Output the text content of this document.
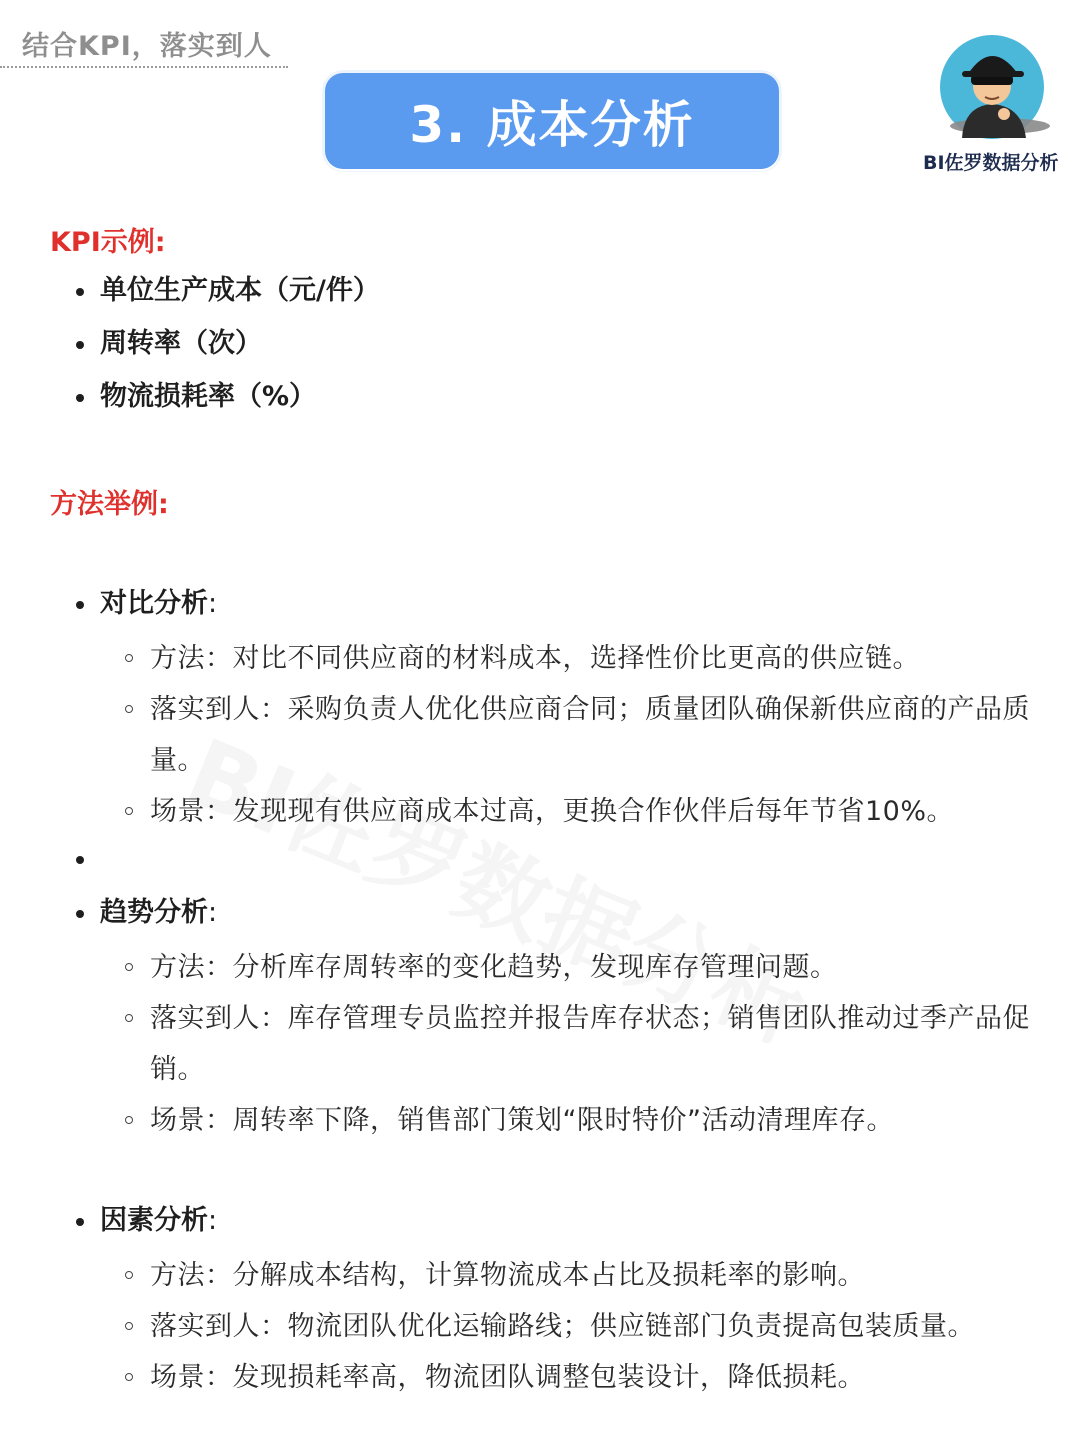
结合KPI，落实到人
3. 成本分析
BI佐罗数据分析
KPI示例:
单位生产成本（元/件）
周转率（次）
物流损耗率（%）
方法举例:
对比分析:
方法：对比不同供应商的材料成本，选择性价比更高的供应链。
落实到人：采购负责人优化供应商合同；质量团队确保新供应商的产品质量。
场景：发现现有供应商成本过高，更换合作伙伴后每年节省10%。
趋势分析:
方法：分析库存周转率的变化趋势，发现库存管理问题。
落实到人：库存管理专员监控并报告库存状态；销售团队推动过季产品促销。
场景：周转率下降，销售部门策划“限时特价”活动清理库存。
因素分析:
方法：分解成本结构，计算物流成本占比及损耗率的影响。
落实到人：物流团队优化运输路线；供应链部门负责提高包装质量。
场景：发现损耗率高，物流团队调整包装设计，降低损耗。
